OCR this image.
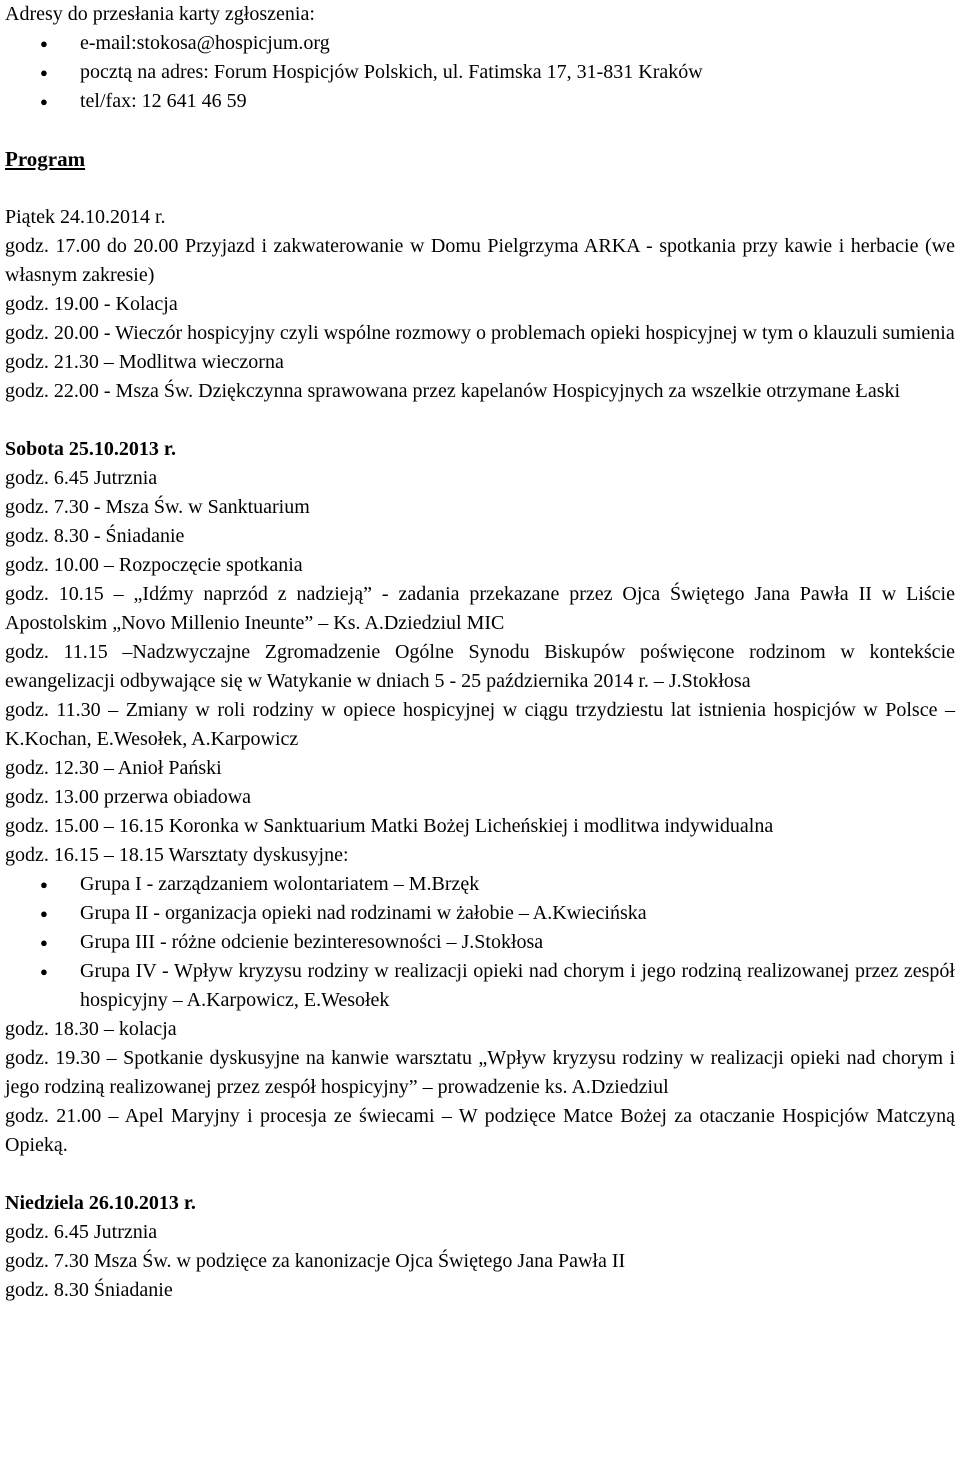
Adresy do przesłania karty zgłoszenia:

● e-mail:stokosa@hospicjum.org

● pocztą na adres: Forum Hospicjów Polskich, ul. Fatimska 17, 31-831 Kraków

● tel/fax: 12 641 46 59

Program

Piątek 24.10.2014 r.

godz. 17.00 do 20.00 Przyjazd i zakwaterowanie w Domu Pielgrzyma ARKA - spotkania przy kawie i herbacie (we własnym zakresie)

godz. 19.00 - Kolacja

godz. 20.00 - Wieczór hospicyjny czyli wspólne rozmowy o problemach opieki hospicyjnej w tym o klauzuli sumienia

godz. 21.30 – Modlitwa wieczorna

godz. 22.00 - Msza Św. Dziękczynna sprawowana przez kapelanów Hospicyjnych za wszelkie otrzymane Łaski

Sobota 25.10.2013 r.

godz. 6.45 Jutrznia

godz. 7.30 - Msza Św. w Sanktuarium

godz. 8.30 - Śniadanie

godz. 10.00 – Rozpoczęcie spotkania

godz. 10.15 – „Idźmy naprzód z nadzieją” - zadania przekazane przez Ojca Świętego Jana Pawła II w Liście Apostolskim „Novo Millenio Ineunte” – Ks. A.Dziedziul MIC

godz. 11.15 –Nadzwyczajne Zgromadzenie Ogólne Synodu Biskupów poświęcone rodzinom w kontekście ewangelizacji odbywające się w Watykanie w dniach 5 - 25 października 2014 r. – J.Stokłosa

godz. 11.30 – Zmiany w roli rodziny w opiece hospicyjnej w ciągu trzydziestu lat istnienia hospicjów w Polsce – K.Kochan, E.Wesołek, A.Karpowicz

godz. 12.30 – Anioł Pański

godz. 13.00 przerwa obiadowa

godz. 15.00 – 16.15 Koronka w Sanktuarium Matki Bożej Licheńskiej i modlitwa indywidualna

godz. 16.15 – 18.15 Warsztaty dyskusyjne:

● Grupa I - zarządzaniem wolontariatem – M.Brzęk

● Grupa II - organizacja opieki nad rodzinami w żałobie – A.Kwiecińska

● Grupa III - różne odcienie bezinteresowności – J.Stokłosa

● Grupa IV - Wpływ kryzysu rodziny w realizacji opieki nad chorym i jego rodziną realizowanej przez zespół hospicyjny – A.Karpowicz, E.Wesołek

godz. 18.30 – kolacja

godz. 19.30 – Spotkanie dyskusyjne na kanwie warsztatu „Wpływ kryzysu rodziny w realizacji opieki nad chorym i jego rodziną realizowanej przez zespół hospicyjny” – prowadzenie ks. A.Dziedziul

godz. 21.00 – Apel Maryjny i procesja ze świecami – W podzięce Matce Bożej za otaczanie Hospicjów Matczyną Opieką.

Niedziela 26.10.2013 r.

godz. 6.45 Jutrznia

godz. 7.30 Msza Św. w podzięce za kanonizacje Ojca Świętego Jana Pawła II

godz. 8.30 Śniadanie
